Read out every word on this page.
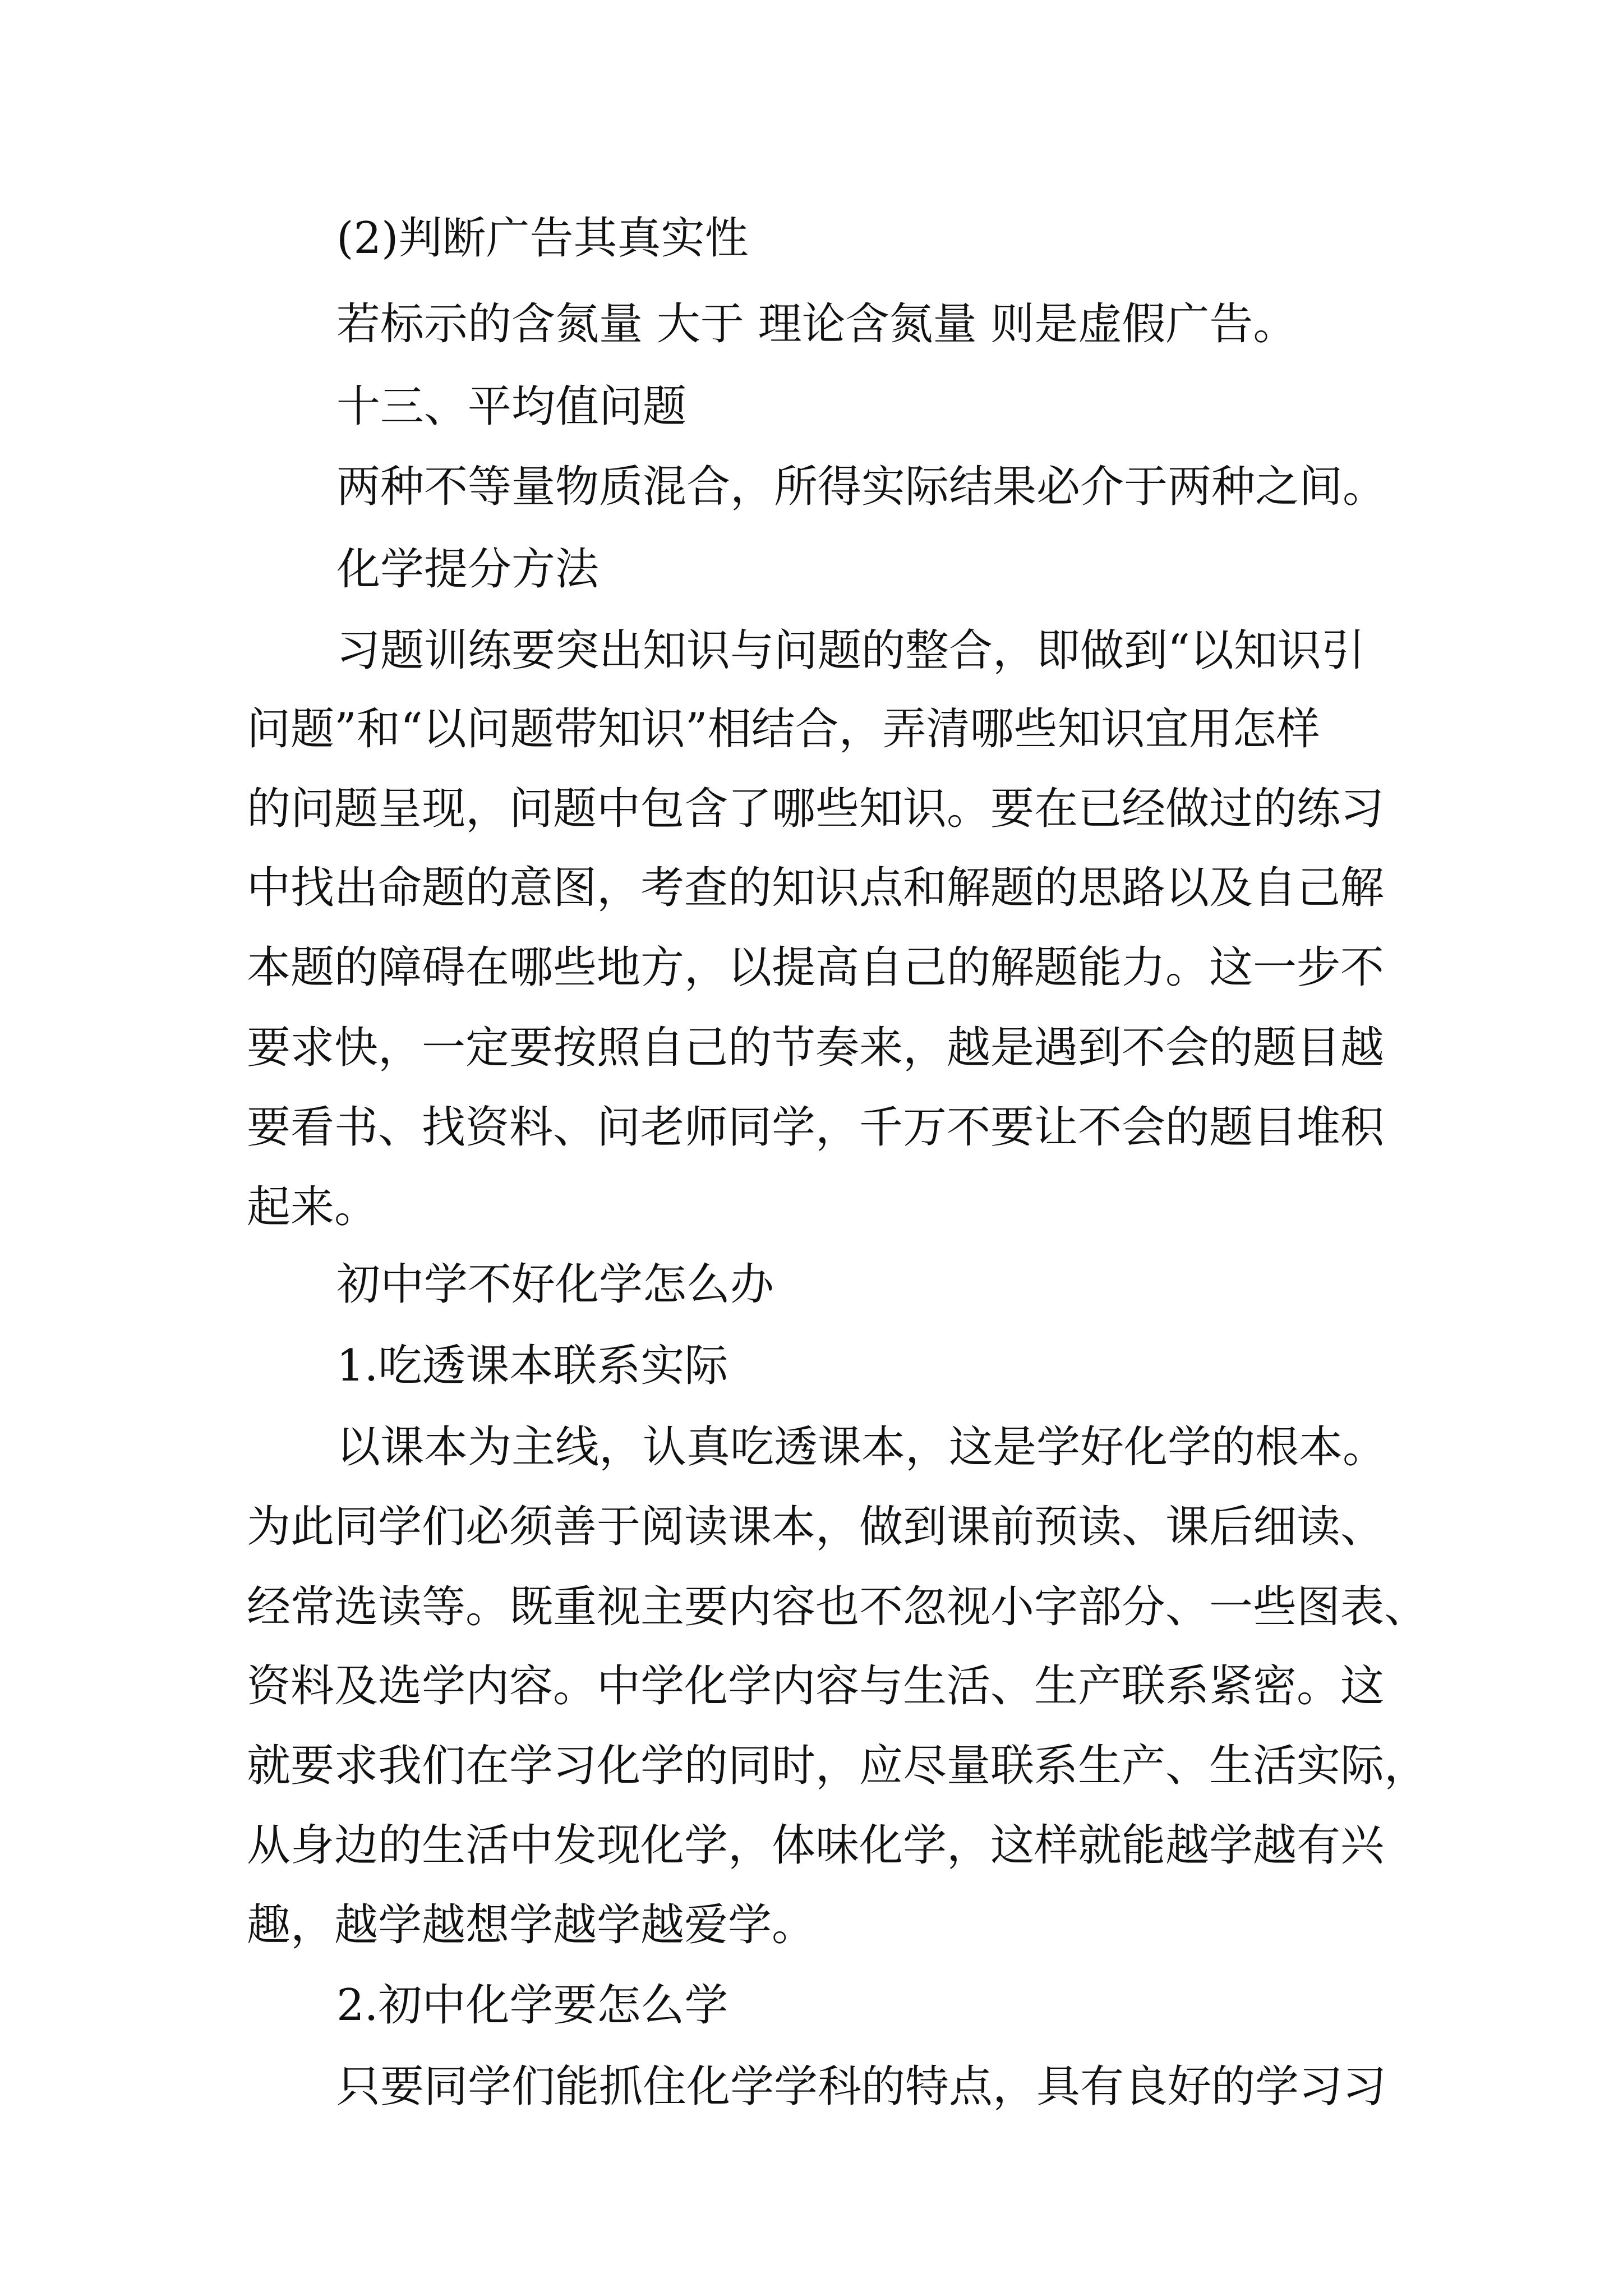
(2)判断广告其真实性

若标示的含氮量 大于 理论含氮量 则是虚假广告。

十三、平均值问题

两种不等量物质混合，所得实际结果必介于两种之间。

化学提分方法

习题训练要突出知识与问题的整合，即做到“以知识引

问题”和“以问题带知识”相结合，弄清哪些知识宜用怎样

的问题呈现，问题中包含了哪些知识。要在已经做过的练习

中找出命题的意图，考查的知识点和解题的思路以及自己解

本题的障碍在哪些地方，以提高自己的解题能力。这一步不

要求快，一定要按照自己的节奏来，越是遇到不会的题目越

要看书、找资料、问老师同学，千万不要让不会的题目堆积

起来。

初中学不好化学怎么办

1.吃透课本联系实际

以课本为主线，认真吃透课本，这是学好化学的根本。

为此同学们必须善于阅读课本，做到课前预读、课后细读、

经常选读等。既重视主要内容也不忽视小字部分、一些图表、

资料及选学内容。中学化学内容与生活、生产联系紧密。这

就要求我们在学习化学的同时，应尽量联系生产、生活实际，

从身边的生活中发现化学，体味化学，这样就能越学越有兴

趣，越学越想学越学越爱学。

2.初中化学要怎么学

只要同学们能抓住化学学科的特点，具有良好的学习习
